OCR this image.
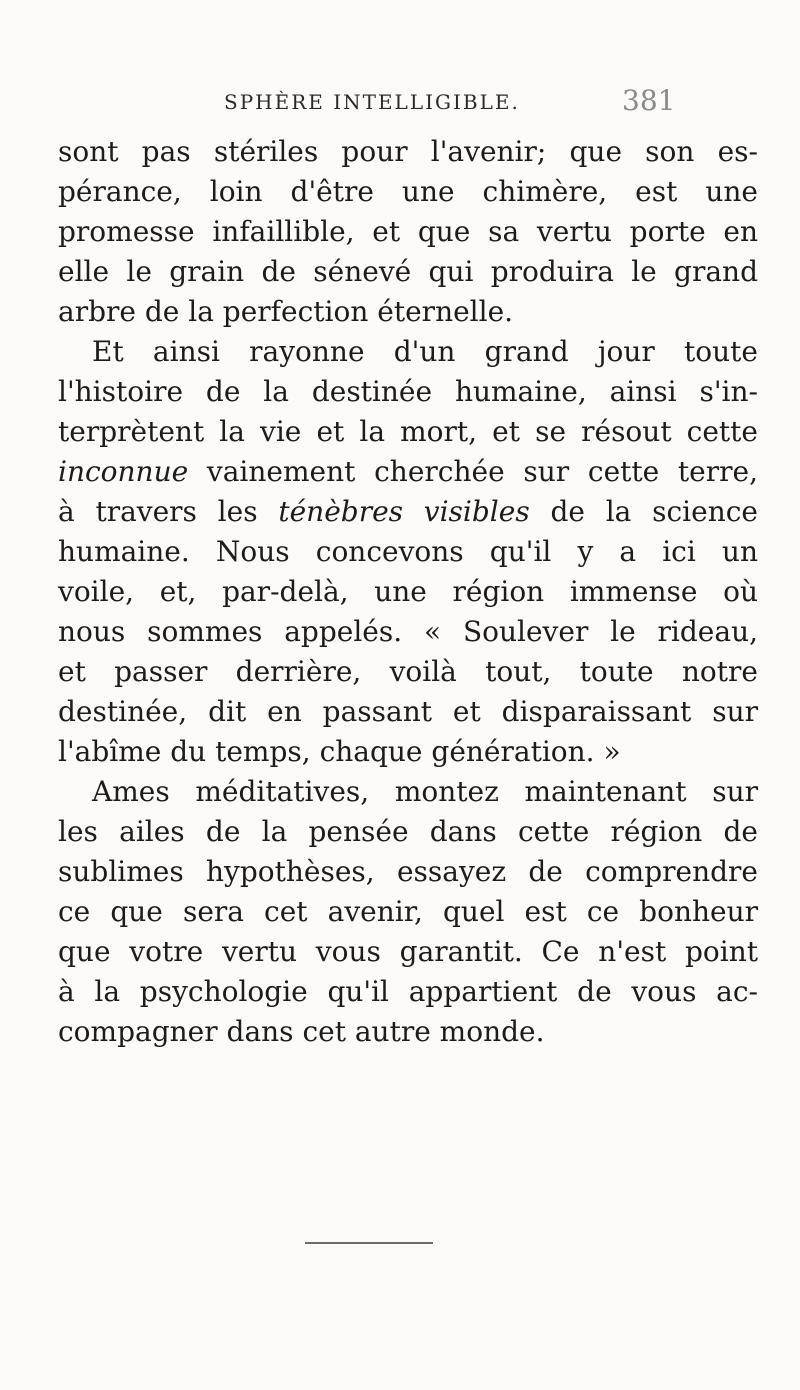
SPHÈRE INTELLIGIBLE.	381
sont pas stériles pour l'avenir; que son es-
pérance, loin d'être une chimère, est une
promesse infaillible, et que sa vertu porte en
elle le grain de sénevé qui produira le grand
arbre de la perfection éternelle.
Et ainsi rayonne d'un grand jour toute
l'histoire de la destinée humaine, ainsi s'in-
terprètent la vie et la mort, et se résout cette
inconnue vainement cherchée sur cette terre,
à travers les ténèbres visibles de la science
humaine. Nous concevons qu'il y a ici un
voile, et, par-delà, une région immense où
nous sommes appelés. « Soulever le rideau,
et passer derrière, voilà tout, toute notre
destinée, dit en passant et disparaissant sur
l'abîme du temps, chaque génération. »
Ames méditatives, montez maintenant sur
les ailes de la pensée dans cette région de
sublimes hypothèses, essayez de comprendre
ce que sera cet avenir, quel est ce bonheur
que votre vertu vous garantit. Ce n'est point
à la psychologie qu'il appartient de vous ac-
compagner dans cet autre monde.
